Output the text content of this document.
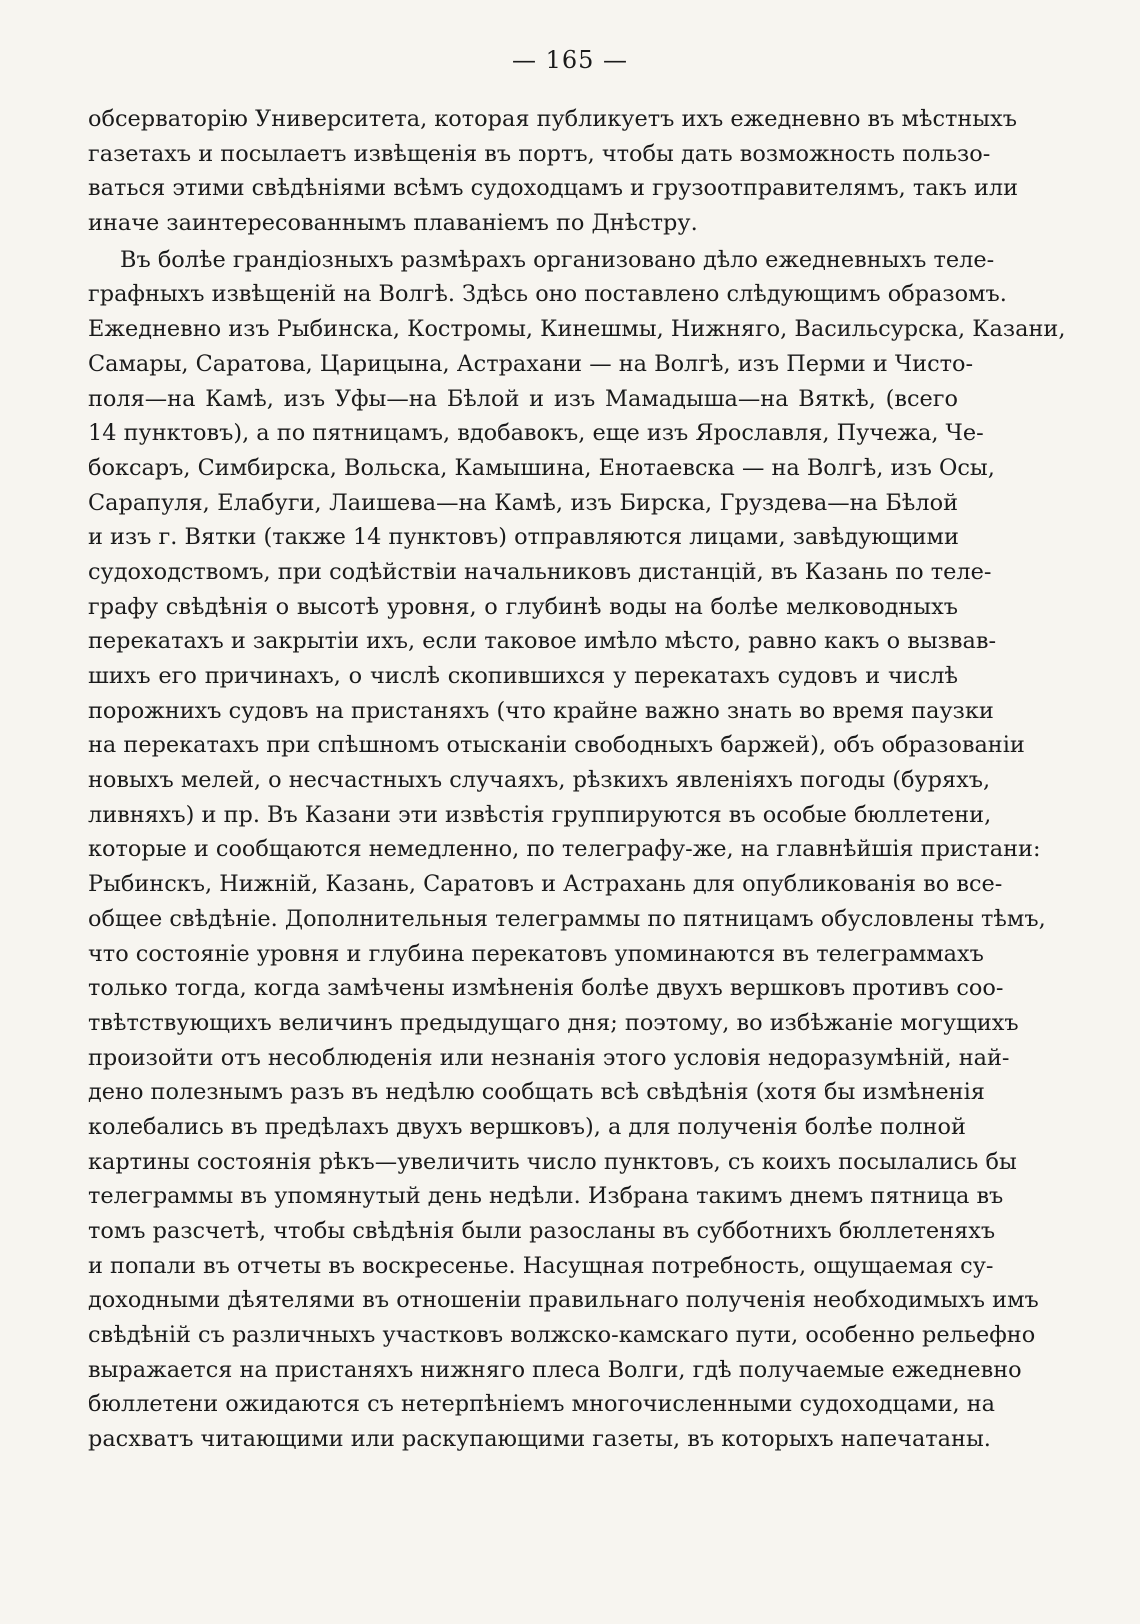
— 165 —
обсерваторію Университета, которая публикуетъ ихъ ежедневно въ мѣстныхъ
газетахъ и посылаетъ извѣщенія въ портъ, чтобы дать возможность пользо-
ваться этими свѣдѣніями всѣмъ судоходцамъ и грузоотправителямъ, такъ или
иначе заинтересованнымъ плаваніемъ по Днѣстру.
Въ болѣе грандіозныхъ размѣрахъ организовано дѣло ежедневныхъ теле-
графныхъ извѣщеній на Волгѣ. Здѣсь оно поставлено слѣдующимъ образомъ.
Ежедневно изъ Рыбинска, Костромы, Кинешмы, Нижняго, Васильсурска, Казани,
Самары, Саратова, Царицына, Астрахани — на Волгѣ, изъ Перми и Чисто-
поля—на Камѣ, изъ Уфы—на Бѣлой и изъ Мамадыша—на Вяткѣ, (всего
14 пунктовъ), а по пятницамъ, вдобавокъ, еще изъ Ярославля, Пучежа, Че-
боксаръ, Симбирска, Вольска, Камышина, Енотаевска — на Волгѣ, изъ Осы,
Сарапуля, Елабуги, Лаишева—на Камѣ, изъ Бирска, Груздева—на Бѣлой
и изъ г. Вятки (также 14 пунктовъ) отправляются лицами, завѣдующими
судоходствомъ, при содѣйствіи начальниковъ дистанцій, въ Казань по теле-
графу свѣдѣнія о высотѣ уровня, о глубинѣ воды на болѣе мелководныхъ
перекатахъ и закрытіи ихъ, если таковое имѣло мѣсто, равно какъ о вызвав-
шихъ его причинахъ, о числѣ скопившихся у перекатахъ судовъ и числѣ
порожнихъ судовъ на пристаняхъ (что крайне важно знать во время паузки
на перекатахъ при спѣшномъ отысканіи свободныхъ баржей), объ образованіи
новыхъ мелей, о несчастныхъ случаяхъ, рѣзкихъ явленіяхъ погоды (буряхъ,
ливняхъ) и пр. Въ Казани эти извѣстія группируются въ особые бюллетени,
которые и сообщаются немедленно, по телеграфу-же, на главнѣйшія пристани:
Рыбинскъ, Нижній, Казань, Саратовъ и Астрахань для опубликованія во все-
общее свѣдѣніе. Дополнительныя телеграммы по пятницамъ обусловлены тѣмъ,
что состояніе уровня и глубина перекатовъ упоминаются въ телеграммахъ
только тогда, когда замѣчены измѣненія болѣе двухъ вершковъ противъ соо-
твѣтствующихъ величинъ предыдущаго дня; поэтому, во избѣжаніе могущихъ
произойти отъ несоблюденія или незнанія этого условія недоразумѣній, най-
дено полезнымъ разъ въ недѣлю сообщать всѣ свѣдѣнія (хотя бы измѣненія
колебались въ предѣлахъ двухъ вершковъ), а для полученія болѣе полной
картины состоянія рѣкъ—увеличить число пунктовъ, съ коихъ посылались бы
телеграммы въ упомянутый день недѣли. Избрана такимъ днемъ пятница въ
томъ разсчетѣ, чтобы свѣдѣнія были разосланы въ субботнихъ бюллетеняхъ
и попали въ отчеты въ воскресенье. Насущная потребность, ощущаемая су-
доходными дѣятелями въ отношеніи правильнаго полученія необходимыхъ имъ
свѣдѣній съ различныхъ участковъ волжско-камскаго пути, особенно рельефно
выражается на пристаняхъ нижняго плеса Волги, гдѣ получаемые ежедневно
бюллетени ожидаются съ нетерпѣніемъ многочисленными судоходцами, на
расхватъ читающими или раскупающими газеты, въ которыхъ напечатаны.
